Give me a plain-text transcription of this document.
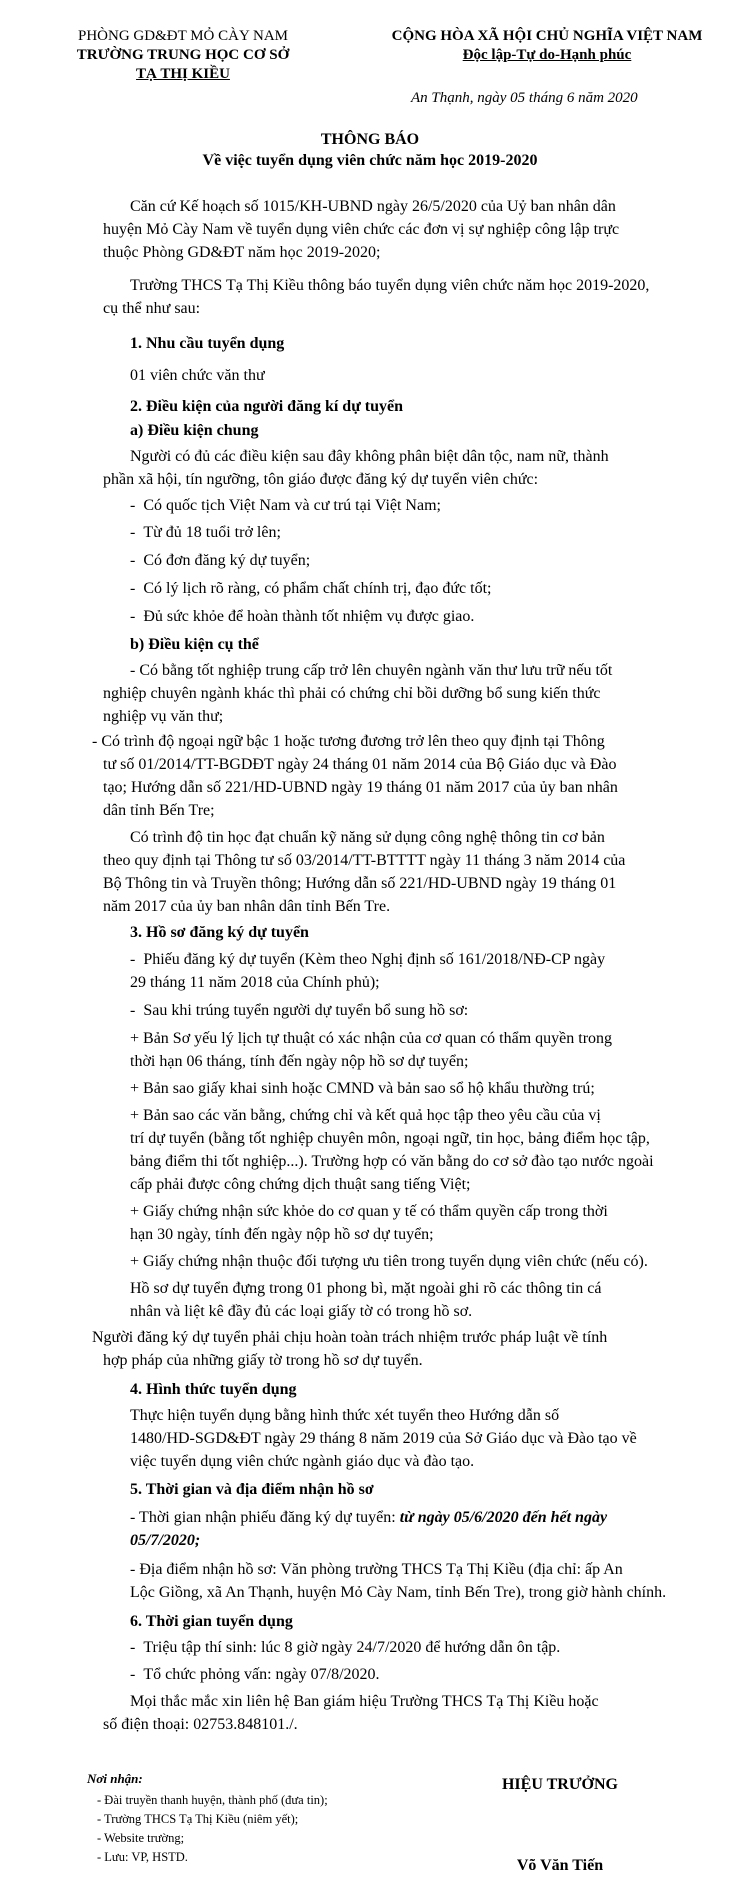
PHÒNG GD&ĐT MỎ CÀY NAM
TRƯỜNG TRUNG HỌC CƠ SỞ
TẠ THỊ KIỀU
CỘNG HÒA XÃ HỘI CHỦ NGHĨA VIỆT NAM
Độc lập-Tự do-Hạnh phúc
An Thạnh, ngày 05 tháng 6 năm 2020
THÔNG BÁO
Về việc tuyển dụng viên chức năm học 2019-2020
Căn cứ Kế hoạch số 1015/KH-UBND ngày 26/5/2020 của Uỷ ban nhân dân
huyện Mỏ Cày Nam về tuyển dụng viên chức các đơn vị sự nghiệp công lập trực
thuộc Phòng GD&ĐT năm học 2019-2020;
Trường THCS Tạ Thị Kiều thông báo tuyển dụng viên chức năm học 2019-2020,
cụ thể như sau:
1. Nhu cầu tuyển dụng
01 viên chức văn thư
2. Điều kiện của người đăng kí dự tuyển
a) Điều kiện chung
Người có đủ các điều kiện sau đây không phân biệt dân tộc, nam nữ, thành
phần xã hội, tín ngưỡng, tôn giáo được đăng ký dự tuyển viên chức:
-  Có quốc tịch Việt Nam và cư trú tại Việt Nam;
-  Từ đủ 18 tuổi trở lên;
-  Có đơn đăng ký dự tuyển;
-  Có lý lịch rõ ràng, có phẩm chất chính trị, đạo đức tốt;
-  Đủ sức khỏe để hoàn thành tốt nhiệm vụ được giao.
b) Điều kiện cụ thể
- Có bằng tốt nghiệp trung cấp trở lên chuyên ngành văn thư lưu trữ nếu tốt
nghiệp chuyên ngành khác thì phải có chứng chỉ bồi dưỡng bổ sung kiến thức
nghiệp vụ văn thư;
- Có trình độ ngoại ngữ bậc 1 hoặc tương đương trở lên theo quy định tại Thông
tư số 01/2014/TT-BGDĐT ngày 24 tháng 01 năm 2014 của Bộ Giáo dục và Đào
tạo; Hướng dẫn số 221/HD-UBND ngày 19 tháng 01 năm 2017 của ủy ban nhân
dân tỉnh Bến Tre;
Có trình độ tin học đạt chuẩn kỹ năng sử dụng công nghệ thông tin cơ bản
theo quy định tại Thông tư số 03/2014/TT-BTTTT ngày 11 tháng 3 năm 2014 của
Bộ Thông tin và Truyền thông; Hướng dẫn số 221/HD-UBND ngày 19 tháng 01
năm 2017 của ủy ban nhân dân tỉnh Bến Tre.
3. Hồ sơ đăng ký dự tuyển
-  Phiếu đăng ký dự tuyển (Kèm theo Nghị định số 161/2018/NĐ-CP ngày
29 tháng 11 năm 2018 của Chính phủ);
-  Sau khi trúng tuyển người dự tuyển bổ sung hồ sơ:
+ Bản Sơ yếu lý lịch tự thuật có xác nhận của cơ quan có thẩm quyền trong
thời hạn 06 tháng, tính đến ngày nộp hồ sơ dự tuyển;
+ Bản sao giấy khai sinh hoặc CMND và bản sao sổ hộ khẩu thường trú;
+ Bản sao các văn bằng, chứng chỉ và kết quả học tập theo yêu cầu của vị
trí dự tuyển (bằng tốt nghiệp chuyên môn, ngoại ngữ, tin học, bảng điểm học tập,
bảng điểm thi tốt nghiệp...). Trường hợp có văn bằng do cơ sở đào tạo nước ngoài
cấp phải được công chứng dịch thuật sang tiếng Việt;
+ Giấy chứng nhận sức khỏe do cơ quan y tế có thẩm quyền cấp trong thời
hạn 30 ngày, tính đến ngày nộp hồ sơ dự tuyển;
+ Giấy chứng nhận thuộc đối tượng ưu tiên trong tuyển dụng viên chức (nếu có).
Hồ sơ dự tuyển đựng trong 01 phong bì, mặt ngoài ghi rõ các thông tin cá
nhân và liệt kê đầy đủ các loại giấy tờ có trong hồ sơ.
Người đăng ký dự tuyển phải chịu hoàn toàn trách nhiệm trước pháp luật về tính
hợp pháp của những giấy tờ trong hồ sơ dự tuyển.
4. Hình thức tuyển dụng
Thực hiện tuyển dụng bằng hình thức xét tuyển theo Hướng dẫn số
1480/HD-SGD&ĐT ngày 29 tháng 8 năm 2019 của Sở Giáo dục và Đào tạo về
việc tuyển dụng viên chức ngành giáo dục và đào tạo.
5. Thời gian và địa điểm nhận hồ sơ
- Thời gian nhận phiếu đăng ký dự tuyển: từ ngày 05/6/2020 đến hết ngày
05/7/2020;
- Địa điểm nhận hồ sơ: Văn phòng trường THCS Tạ Thị Kiều (địa chỉ: ấp An
Lộc Giồng, xã An Thạnh, huyện Mỏ Cày Nam, tỉnh Bến Tre), trong giờ hành chính.
6. Thời gian tuyển dụng
-  Triệu tập thí sinh: lúc 8 giờ ngày 24/7/2020 để hướng dẫn ôn tập.
-  Tổ chức phỏng vấn: ngày 07/8/2020.
Mọi thắc mắc xin liên hệ Ban giám hiệu Trường THCS Tạ Thị Kiều hoặc
số điện thoại: 02753.848101./.
Nơi nhận:
- Đài truyền thanh huyện, thành phố (đưa tin);
- Trường THCS Tạ Thị Kiều (niêm yết);
- Website trường;
- Lưu: VP, HSTD.
HIỆU TRƯỞNG
Võ Văn Tiến
